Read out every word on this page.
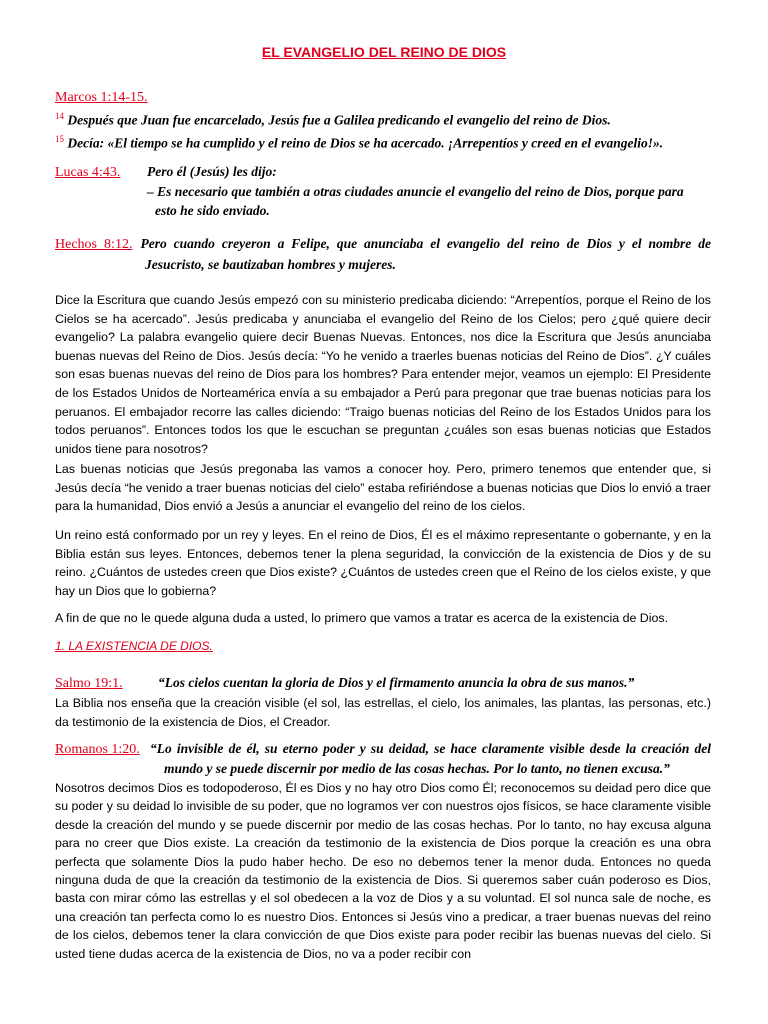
EL EVANGELIO DEL REINO DE DIOS
Marcos 1:14-15.
$^{14}$ Después que Juan fue encarcelado, Jesús fue a Galilea predicando el evangelio del reino de Dios.
$^{15}$ Decía: «El tiempo se ha cumplido y el reino de Dios se ha acercado. ¡Arrepentíos y creed en el evangelio!».
Lucas 4:43. Pero él (Jesús) les dijo:
– Es necesario que también a otras ciudades anuncie el evangelio del reino de Dios, porque para
esto he sido enviado.
Hechos 8:12. Pero cuando creyeron a Felipe, que anunciaba el evangelio del reino de Dios y el nombre de
Jesucristo, se bautizaban hombres y mujeres.
Dice la Escritura que cuando Jesús empezó con su ministerio predicaba diciendo: “Arrepentíos, porque el Reino de los Cielos se ha acercado”. Jesús predicaba y anunciaba el evangelio del Reino de los Cielos; pero ¿qué quiere decir evangelio? La palabra evangelio quiere decir Buenas Nuevas. Entonces, nos dice la Escritura que Jesús anunciaba buenas nuevas del Reino de Dios. Jesús decía: “Yo he venido a traerles buenas noticias del Reino de Dios”. ¿Y cuáles son esas buenas nuevas del reino de Dios para los hombres? Para entender mejor, veamos un ejemplo: El Presidente de los Estados Unidos de Norteamérica envía a su embajador a Perú para pregonar que trae buenas noticias para los peruanos. El embajador recorre las calles diciendo: “Traigo buenas noticias del Reino de los Estados Unidos para los todos peruanos”. Entonces todos los que le escuchan se preguntan ¿cuáles son esas buenas noticias que Estados unidos tiene para nosotros?
Las buenas noticias que Jesús pregonaba las vamos a conocer hoy. Pero, primero tenemos que entender que, si Jesús decía “he venido a traer buenas noticias del cielo” estaba refiriéndose a buenas noticias que Dios lo envió a traer para la humanidad, Dios envió a Jesús a anunciar el evangelio del reino de los cielos.
Un reino está conformado por un rey y leyes. En el reino de Dios, Él es el máximo representante o gobernante, y en la Biblia están sus leyes. Entonces, debemos tener la plena seguridad, la convicción de la existencia de Dios y de su reino. ¿Cuántos de ustedes creen que Dios existe? ¿Cuántos de ustedes creen que el Reino de los cielos existe, y que hay un Dios que lo gobierna?
A fin de que no le quede alguna duda a usted, lo primero que vamos a tratar es acerca de la existencia de Dios.
1. LA EXISTENCIA DE DIOS.
Salmo 19:1.	“Los cielos cuentan la gloria de Dios y el firmamento anuncia la obra de sus manos.”
La Biblia nos enseña que la creación visible (el sol, las estrellas, el cielo, los animales, las plantas, las personas, etc.) da testimonio de la existencia de Dios, el Creador.
Romanos 1:20. “Lo invisible de él, su eterno poder y su deidad, se hace claramente visible desde la creación del
mundo y se puede discernir por medio de las cosas hechas. Por lo tanto, no tienen excusa.”
Nosotros decimos Dios es todopoderoso, Él es Dios y no hay otro Dios como Él; reconocemos su deidad pero dice que su poder y su deidad lo invisible de su poder, que no logramos ver con nuestros ojos físicos, se hace claramente visible desde la creación del mundo y se puede discernir por medio de las cosas hechas. Por lo tanto, no hay excusa alguna para no creer que Dios existe. La creación da testimonio de la existencia de Dios porque la creación es una obra perfecta que solamente Dios la pudo haber hecho. De eso no debemos tener la menor duda. Entonces no queda ninguna duda de que la creación da testimonio de la existencia de Dios. Si queremos saber cuán poderoso es Dios, basta con mirar cómo las estrellas y el sol obedecen a la voz de Dios y a su voluntad. El sol nunca sale de noche, es una creación tan perfecta como lo es nuestro Dios. Entonces si Jesús vino a predicar, a traer buenas nuevas del reino de los cielos, debemos tener la clara convicción de que Dios existe para poder recibir las buenas nuevas del cielo. Si usted tiene dudas acerca de la existencia de Dios, no va a poder recibir con
